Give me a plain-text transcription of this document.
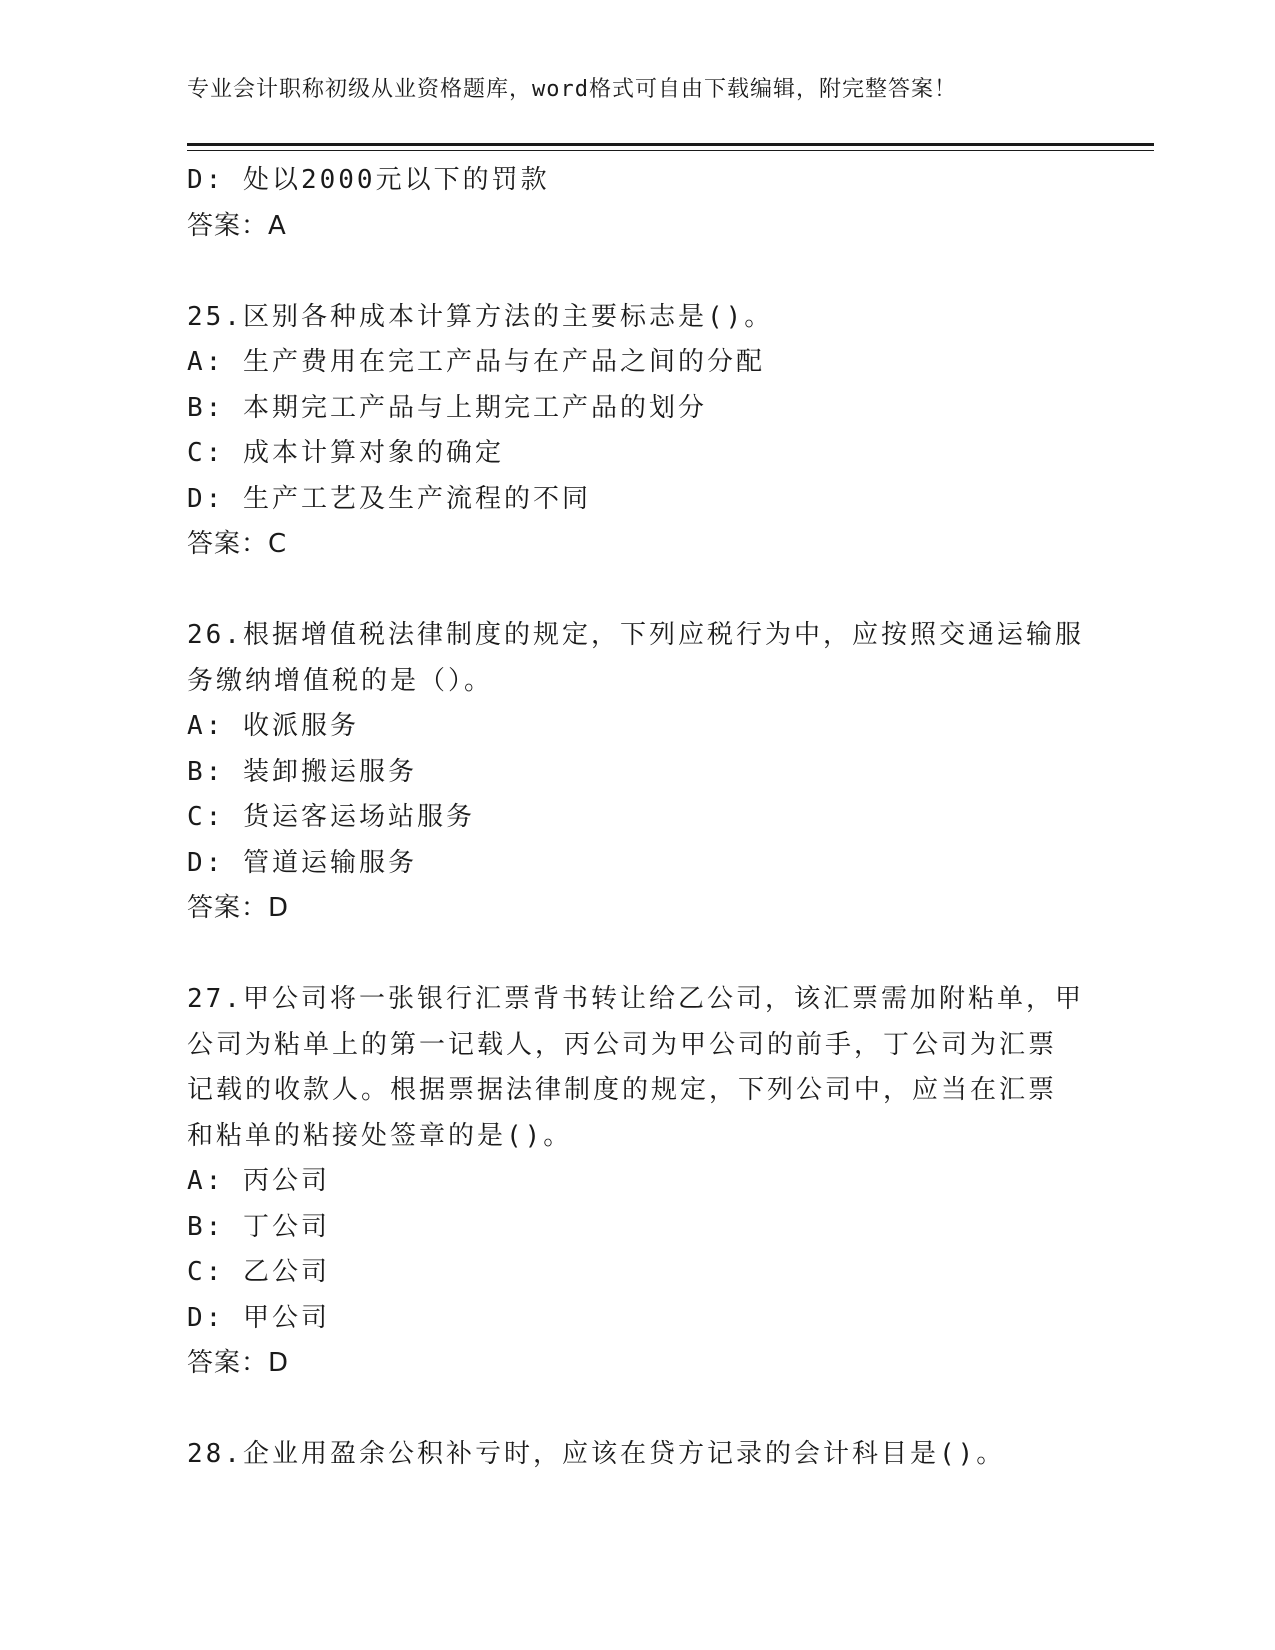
专业会计职称初级从业资格题库，word格式可自由下载编辑，附完整答案！
D: 处以2000元以下的罚款
答案：A
25.区别各种成本计算方法的主要标志是()。
A: 生产费用在完工产品与在产品之间的分配
B: 本期完工产品与上期完工产品的划分
C: 成本计算对象的确定
D: 生产工艺及生产流程的不同
答案：C
26.根据增值税法律制度的规定，下列应税行为中，应按照交通运输服
务缴纳增值税的是（）。
A: 收派服务
B: 装卸搬运服务
C: 货运客运场站服务
D: 管道运输服务
答案：D
27.甲公司将一张银行汇票背书转让给乙公司，该汇票需加附粘单，甲
公司为粘单上的第一记载人，丙公司为甲公司的前手，丁公司为汇票
记载的收款人。根据票据法律制度的规定，下列公司中，应当在汇票
和粘单的粘接处签章的是()。
A: 丙公司
B: 丁公司
C: 乙公司
D: 甲公司
答案：D
28.企业用盈余公积补亏时，应该在贷方记录的会计科目是()。
